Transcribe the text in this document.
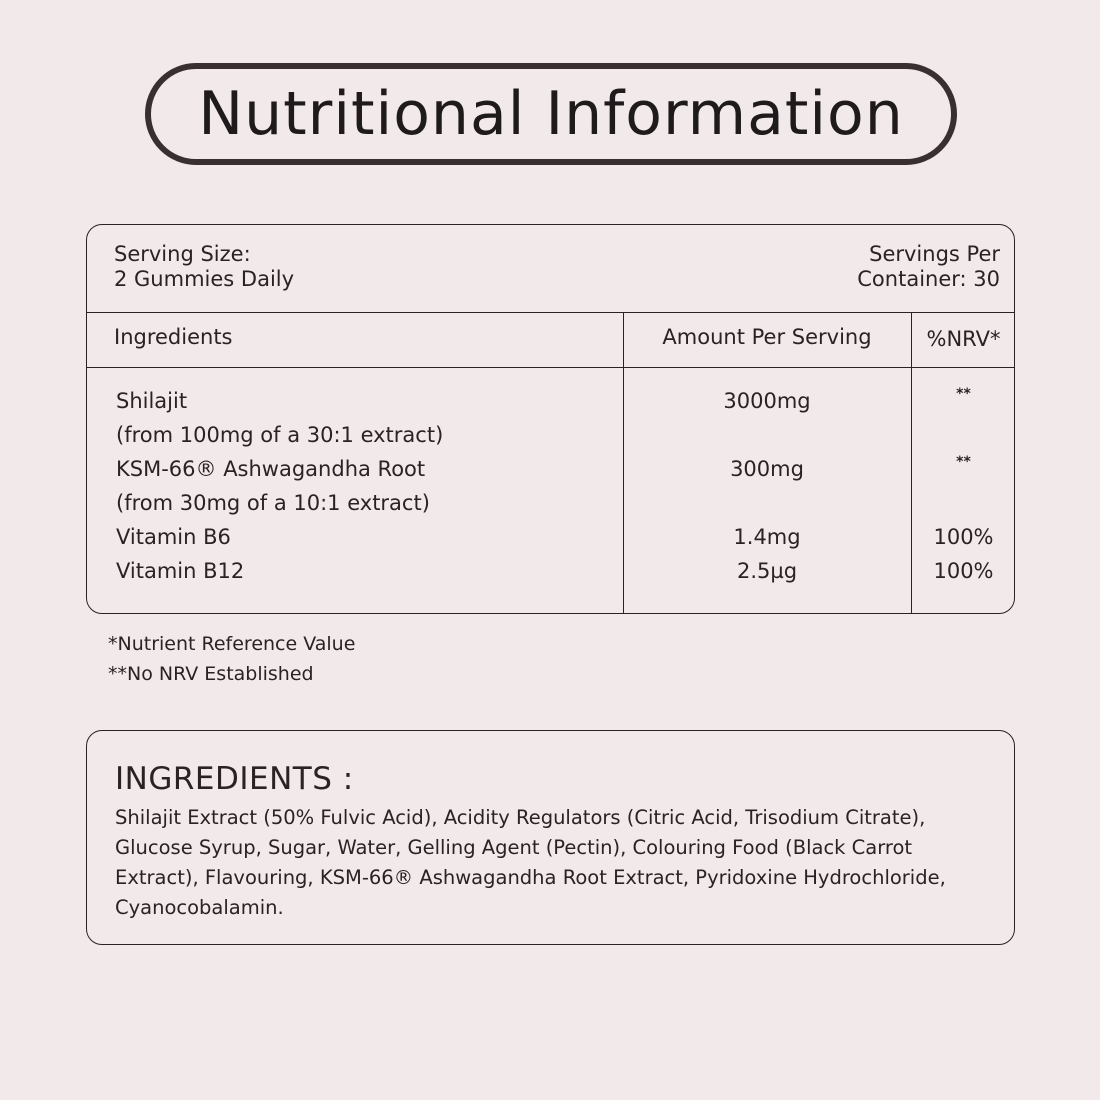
Nutritional Information
Serving Size:
2 Gummies Daily
Servings Per
Container: 30
Ingredients	Amount Per Serving	%NRV*
Shilajit	3000mg	**
(from 100mg of a 30:1 extract)
KSM-66® Ashwagandha Root	300mg	**
(from 30mg of a 10:1 extract)
Vitamin B6	1.4mg	100%
Vitamin B12	2.5µg	100%
*Nutrient Reference Value
**No NRV Established
INGREDIENTS :

Shilajit Extract (50% Fulvic Acid), Acidity Regulators (Citric Acid, Trisodium Citrate), Glucose Syrup, Sugar, Water, Gelling Agent (Pectin), Colouring Food (Black Carrot Extract), Flavouring, KSM-66® Ashwagandha Root Extract, Pyridoxine Hydrochloride, Cyanocobalamin.
